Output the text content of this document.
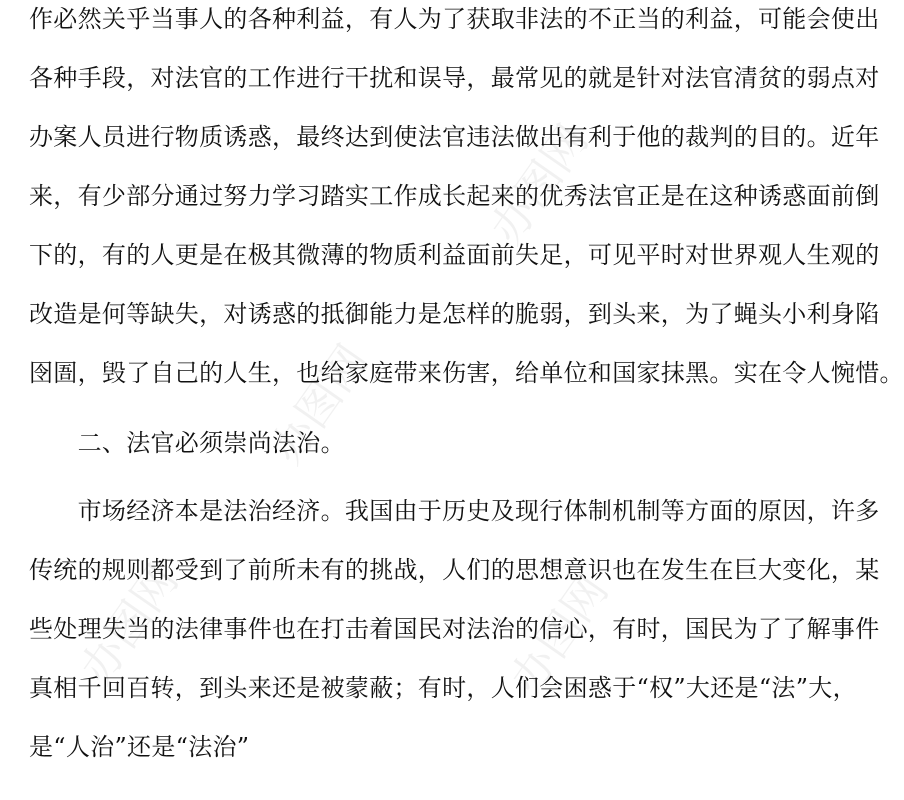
办图网
办图网
办图网	办图网
作必然关乎当事人的各种利益，有人为了获取非法的不正当的利益，可能会使出
各种手段，对法官的工作进行干扰和误导，最常见的就是针对法官清贫的弱点对
办案人员进行物质诱惑，最终达到使法官违法做出有利于他的裁判的目的。近年
来，有少部分通过努力学习踏实工作成长起来的优秀法官正是在这种诱惑面前倒
下的，有的人更是在极其微薄的物质利益面前失足，可见平时对世界观人生观的
改造是何等缺失，对诱惑的抵御能力是怎样的脆弱，到头来，为了蝇头小利身陷
囹圄，毁了自己的人生，也给家庭带来伤害，给单位和国家抹黑。实在令人惋惜。
　　二、法官必须崇尚法治。
　　市场经济本是法治经济。我国由于历史及现行体制机制等方面的原因，许多
传统的规则都受到了前所未有的挑战，人们的思想意识也在发生在巨大变化，某
些处理失当的法律事件也在打击着国民对法治的信心，有时，国民为了了解事件
真相千回百转，到头来还是被蒙蔽；有时，人们会困惑于“权”大还是“法”大，
是“人治”还是“法治”
